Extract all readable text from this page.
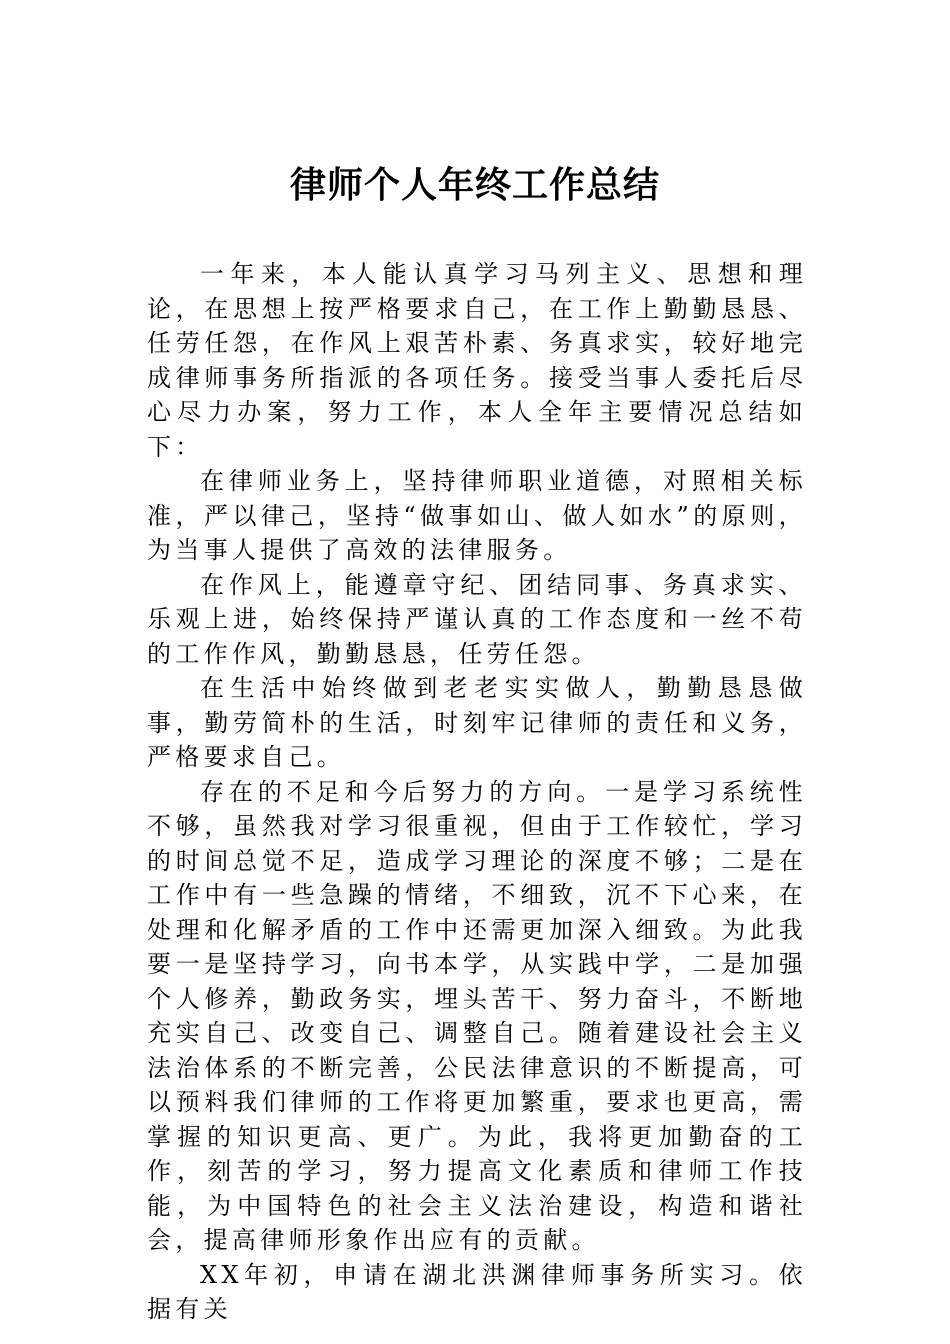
律师个人年终工作总结

一年来，本人能认真学习马列主义、思想和理论，在思想上按严格要求自己，在工作上勤勤恳恳、任劳任怨，在作风上艰苦朴素、务真求实，较好地完成律师事务所指派的各项任务。接受当事人委托后尽心尽力办案，努力工作，本人全年主要情况总结如下：

在律师业务上，坚持律师职业道德，对照相关标准，严以律己，坚持“做事如山、做人如水”的原则，为当事人提供了高效的法律服务。

在作风上，能遵章守纪、团结同事、务真求实、乐观上进，始终保持严谨认真的工作态度和一丝不苟的工作作风，勤勤恳恳，任劳任怨。

在生活中始终做到老老实实做人，勤勤恳恳做事，勤劳简朴的生活，时刻牢记律师的责任和义务，严格要求自己。

存在的不足和今后努力的方向。一是学习系统性不够，虽然我对学习很重视，但由于工作较忙，学习的时间总觉不足，造成学习理论的深度不够；二是在工作中有一些急躁的情绪，不细致，沉不下心来，在处理和化解矛盾的工作中还需更加深入细致。为此我要一是坚持学习，向书本学，从实践中学，二是加强个人修养，勤政务实，埋头苦干、努力奋斗，不断地充实自己、改变自己、调整自己。随着建设社会主义法治体系的不断完善，公民法律意识的不断提高，可以预料我们律师的工作将更加繁重，要求也更高，需掌握的知识更高、更广。为此，我将更加勤奋的工作，刻苦的学习，努力提高文化素质和律师工作技能，为中国特色的社会主义法治建设，构造和谐社会，提高律师形象作出应有的贡献。

XX年初，申请在湖北洪渊律师事务所实习。依据有关
